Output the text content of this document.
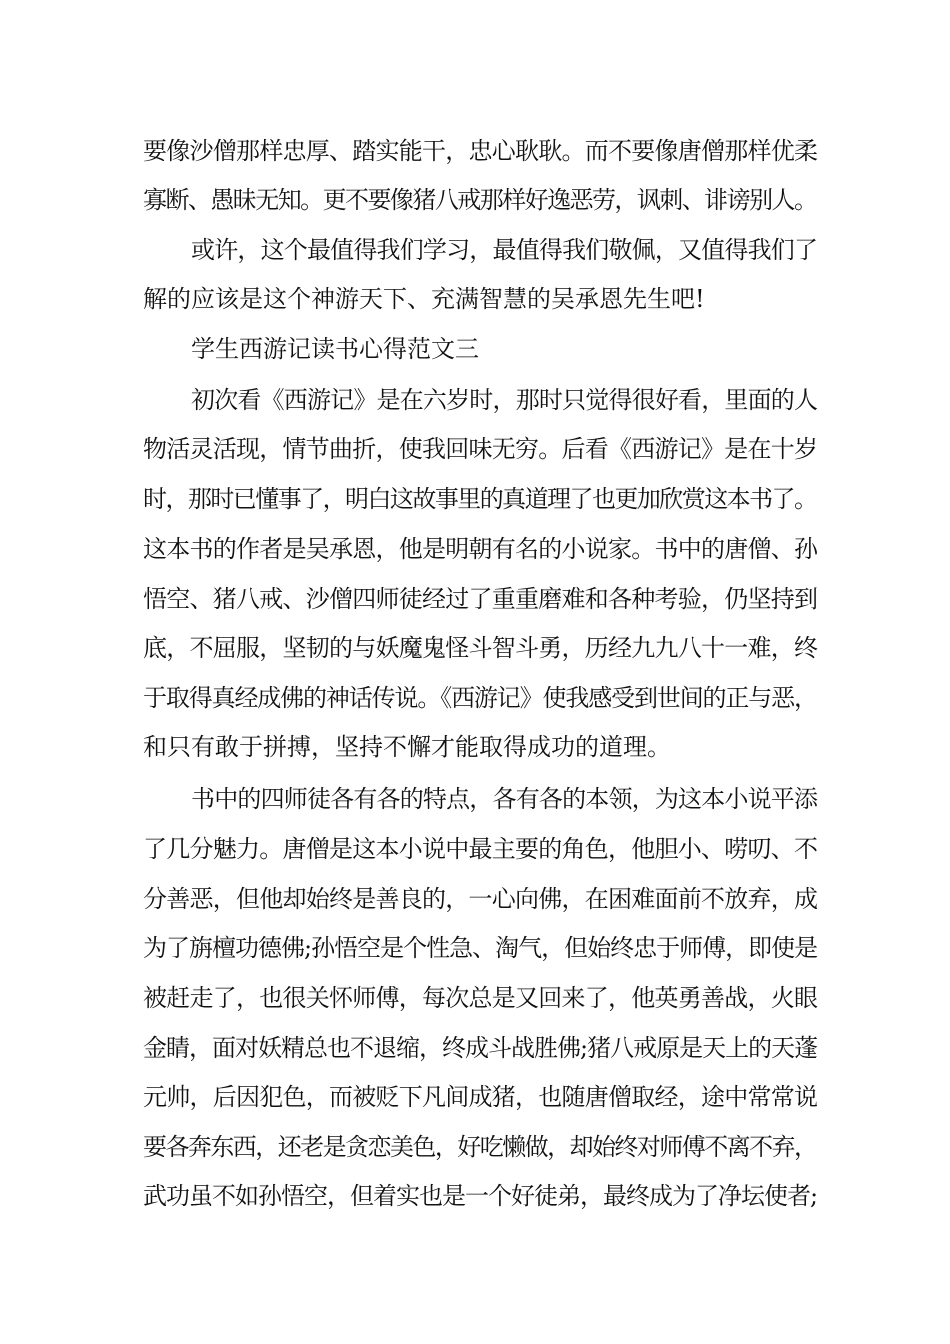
要像沙僧那样忠厚、踏实能干，忠心耿耿。而不要像唐僧那样优柔

寡断、愚昧无知。更不要像猪八戒那样好逸恶劳，讽刺、诽谤别人。

或许，这个最值得我们学习，最值得我们敬佩，又值得我们了

解的应该是这个神游天下、充满智慧的吴承恩先生吧!

学生西游记读书心得范文三

初次看《西游记》是在六岁时，那时只觉得很好看，里面的人

物活灵活现，情节曲折，使我回味无穷。后看《西游记》是在十岁

时，那时已懂事了，明白这故事里的真道理了也更加欣赏这本书了。

这本书的作者是吴承恩，他是明朝有名的小说家。书中的唐僧、孙

悟空、猪八戒、沙僧四师徒经过了重重磨难和各种考验，仍坚持到

底，不屈服，坚韧的与妖魔鬼怪斗智斗勇，历经九九八十一难，终

于取得真经成佛的神话传说。《西游记》使我感受到世间的正与恶，

和只有敢于拼搏，坚持不懈才能取得成功的道理。

书中的四师徒各有各的特点，各有各的本领，为这本小说平添

了几分魅力。唐僧是这本小说中最主要的角色，他胆小、唠叨、不

分善恶，但他却始终是善良的，一心向佛，在困难面前不放弃，成

为了旃檀功德佛;孙悟空是个性急、淘气，但始终忠于师傅，即使是

被赶走了，也很关怀师傅，每次总是又回来了，他英勇善战，火眼

金睛，面对妖精总也不退缩，终成斗战胜佛;猪八戒原是天上的天蓬

元帅，后因犯色，而被贬下凡间成猪，也随唐僧取经，途中常常说

要各奔东西，还老是贪恋美色，好吃懒做，却始终对师傅不离不弃，

武功虽不如孙悟空，但着实也是一个好徒弟，最终成为了净坛使者;
